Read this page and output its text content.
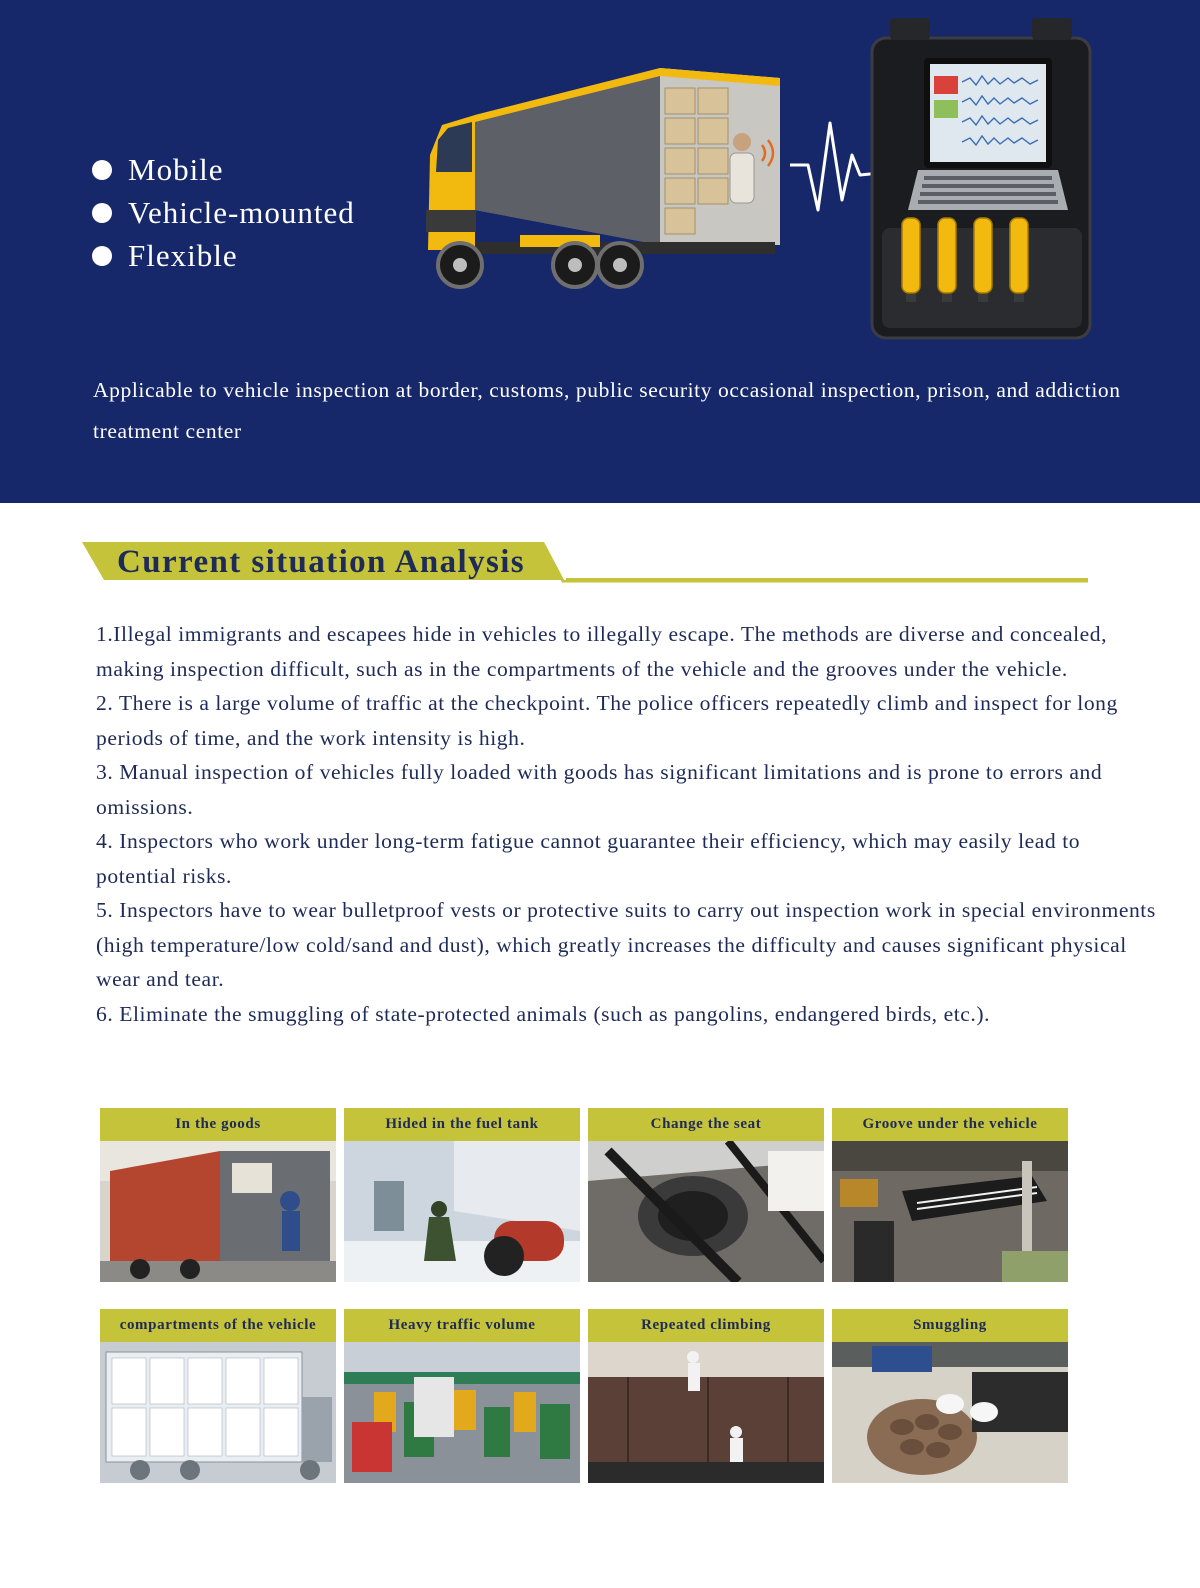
Mobile
Vehicle-mounted
Flexible
Applicable to vehicle inspection at border, customs, public security occasional inspection, prison, and addiction treatment center
Current situation Analysis

1.Illegal immigrants and escapees hide in vehicles to illegally escape. The methods are diverse and concealed, making inspection difficult, such as in the compartments of the vehicle and the grooves under the vehicle.

2. There is a large volume of traffic at the checkpoint. The police officers repeatedly climb and inspect for long periods of time, and the work intensity is high.

3. Manual inspection of vehicles fully loaded with goods has significant limitations and is prone to errors and omissions.

4. Inspectors who work under long-term fatigue cannot guarantee their efficiency, which may easily lead to potential risks.

5. Inspectors have to wear bulletproof vests or protective suits to carry out inspection work in special environments (high temperature/low cold/sand and dust), which greatly increases the difficulty and causes significant physical wear and tear.

6. Eliminate the smuggling of state-protected animals (such as pangolins, endangered birds, etc.).

In the goods	Hided in the fuel tank	Change the seat	Groove under the vehicle
compartments of the vehicle	Heavy traffic volume	Repeated climbing	Smuggling
